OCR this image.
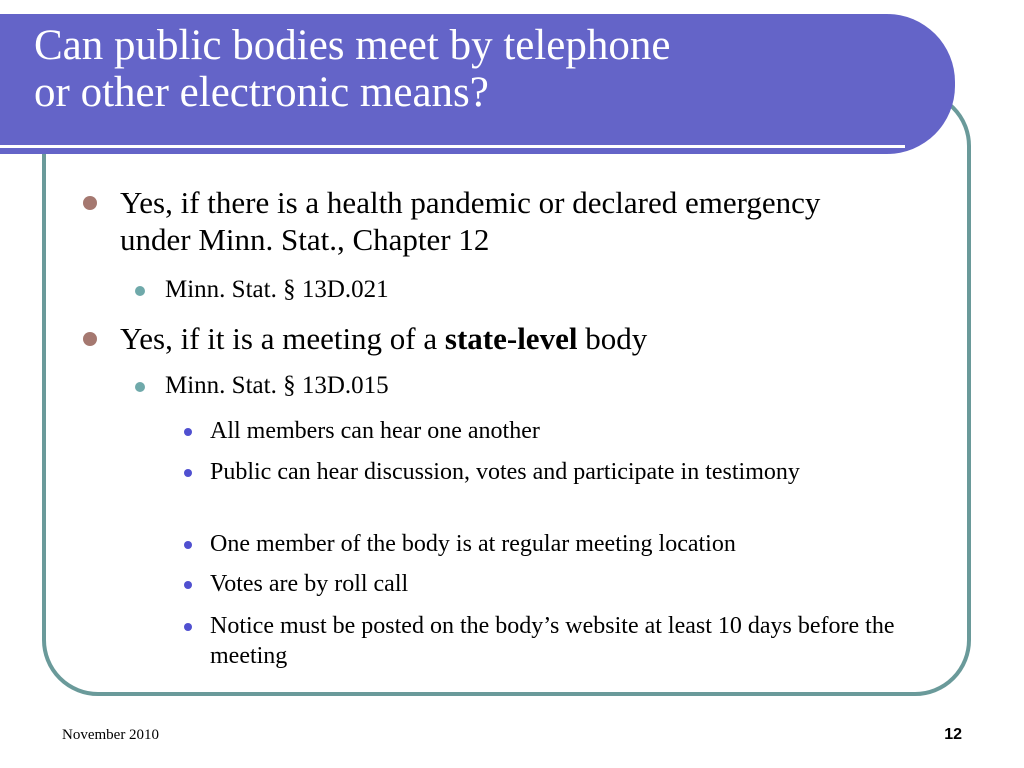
Can public bodies meet by telephone
or other electronic means?
Yes, if there is a health pandemic or declared emergency under Minn. Stat., Chapter 12
Minn. Stat. § 13D.021
Yes, if it is a meeting of a state-level body
Minn. Stat. § 13D.015
All members can hear one another
Public can hear discussion, votes and participate in testimony
One member of the body is at regular meeting location
Votes are by roll call
Notice must be posted on the body’s website at least 10 days before the meeting
November 2010	12
